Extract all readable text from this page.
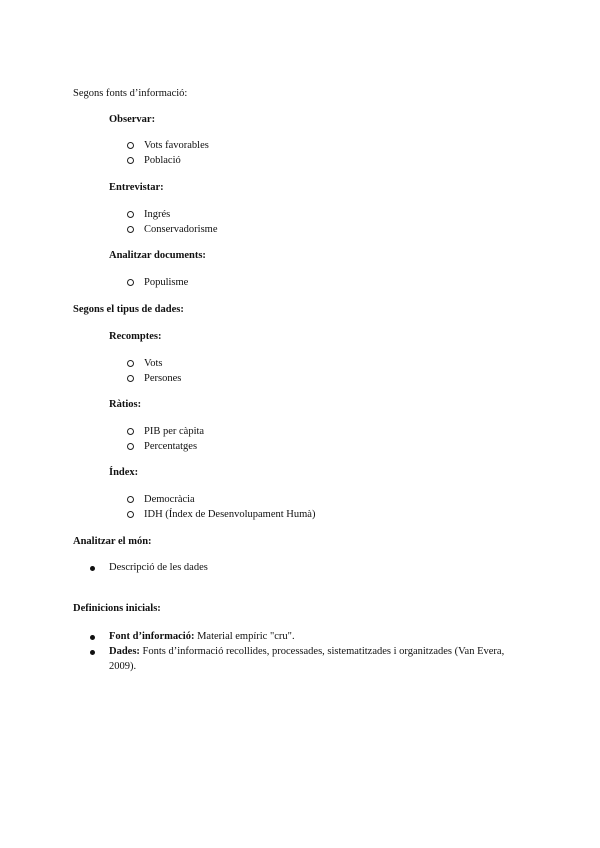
Segons fonts d’informació:
Observar:
Vots favorables
Població
Entrevistar:
Ingrés
Conservadorisme
Analitzar documents:
Populisme
Segons el tipus de dades:
Recomptes:
Vots
Persones
Ràtios:
PIB per càpita
Percentatges
Índex:
Democràcia
IDH (Índex de Desenvolupament Humà)
Analitzar el món:
Descripció de les dades
Definicions inicials:
Font d’informació: Material empíric "cru".
Dades: Fonts d’informació recollides, processades, sistematitzades i organitzades (Van Evera,
2009).
